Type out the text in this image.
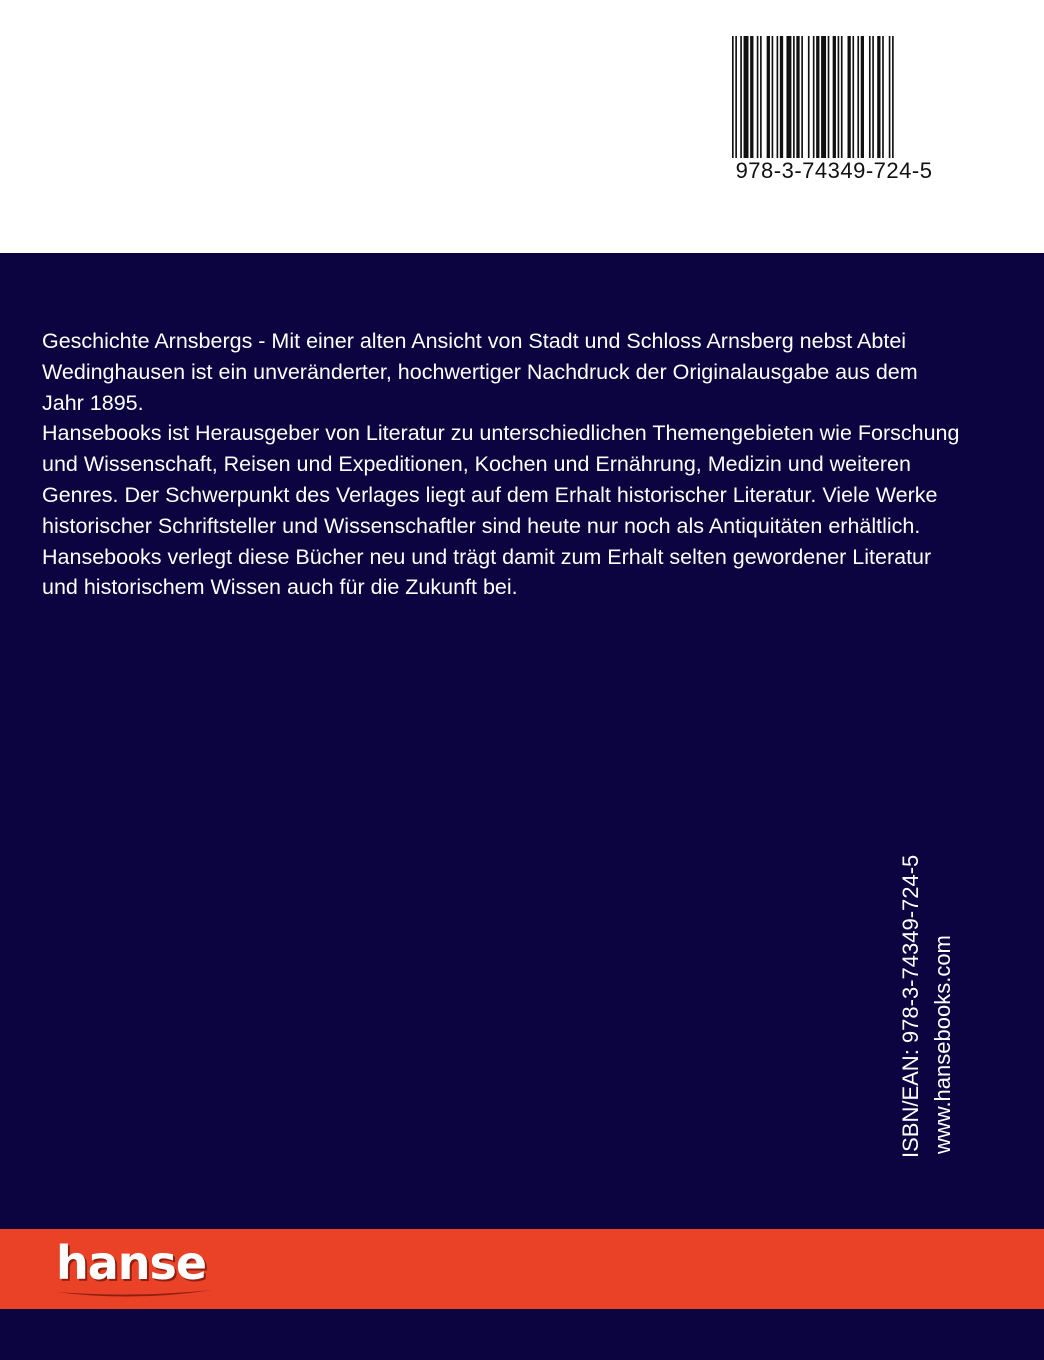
978-3-74349-724-5

Geschichte Arnsbergs - Mit einer alten Ansicht von Stadt und Schloss Arnsberg nebst Abtei Wedinghausen ist ein unveränderter, hochwertiger Nachdruck der Originalausgabe aus dem Jahr 1895.

Hansebooks ist Herausgeber von Literatur zu unterschiedlichen Themengebieten wie Forschung und Wissenschaft, Reisen und Expeditionen, Kochen und Ernährung, Medizin und weiteren Genres. Der Schwerpunkt des Verlages liegt auf dem Erhalt historischer Literatur. Viele Werke historischer Schriftsteller und Wissenschaftler sind heute nur noch als Antiquitäten erhältlich. Hansebooks verlegt diese Bücher neu und trägt damit zum Erhalt selten gewordener Literatur und historischem Wissen auch für die Zukunft bei.

ISBN/EAN: 978-3-74349-724-5 www.hansebooks.com
hanse
